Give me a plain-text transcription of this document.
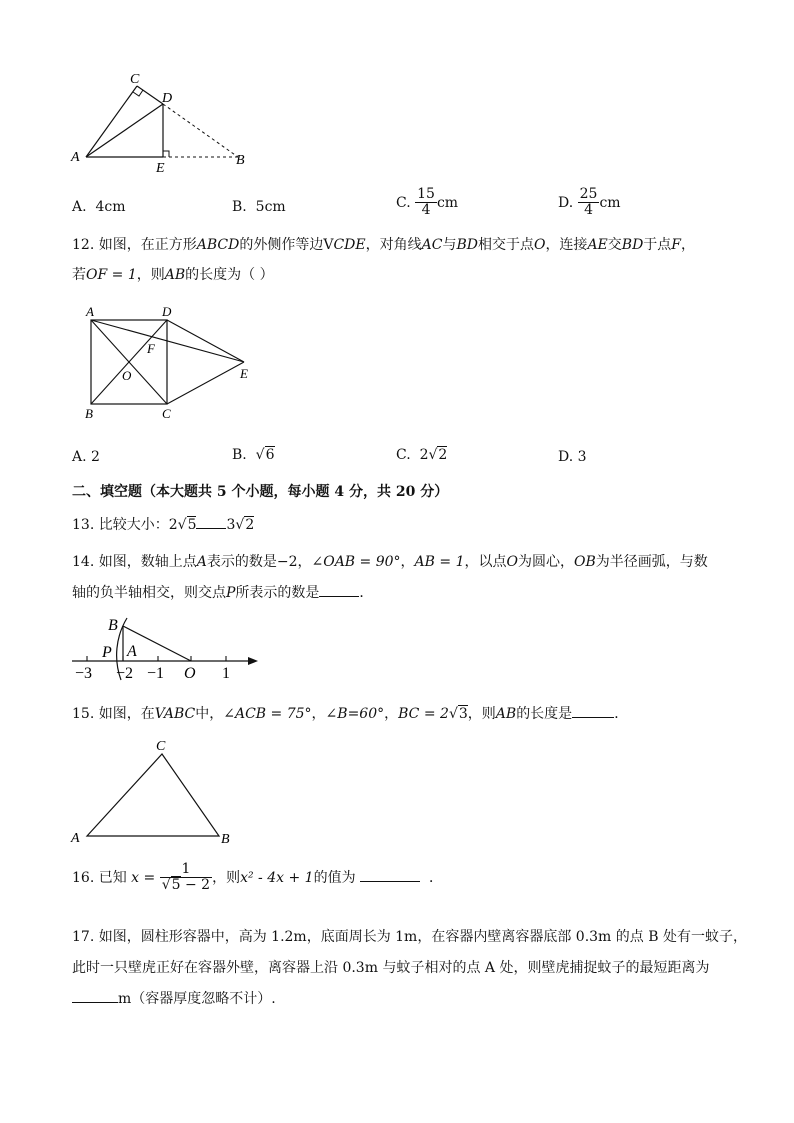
C
D
A
E
B
A. 4cm	B. 5cm	C. $\frac{15}{4}$ cm	D. $\frac{25}{4}$ cm
12. 如图，在正方形ABCD的外侧作等边VCDE，对角线AC与BD相交于点O，连接AE交BD于点F，
若OF = 1，则AB的长度为（ ）
A	D
F
O	E
B	C
A. 2	B.  √6	C. 2√2	D. 3
二、填空题（本大题共 5 个小题，每小题 4 分，共 20 分）
13. 比较大小：2√5 3√2
14. 如图，数轴上点A表示的数是−2，∠OAB = 90°，AB = 1，以点O为圆心，OB为半径画弧，与数
轴的负半轴相交，则交点P所表示的数是	．
B
P A
O
−3 −2 −1	1
15. 如图，在VABC中，∠ACB = 75°，∠B=60°，BC = 2√3，则AB的长度是	．
C
A	B
16. 已知 $x = \frac{1}{√5 - 2}$ ，则x² - 4x + 1的值为	．
17. 如图，圆柱形容器中，高为 1.2m，底面周长为 1m，在容器内壁离容器底部 0.3m 的点 B 处有一蚊子，
此时一只壁虎正好在容器外壁，离容器上沿 0.3m 与蚊子相对的点 A 处，则壁虎捕捉蚊子的最短距离为
m（容器厚度忽略不计）.
